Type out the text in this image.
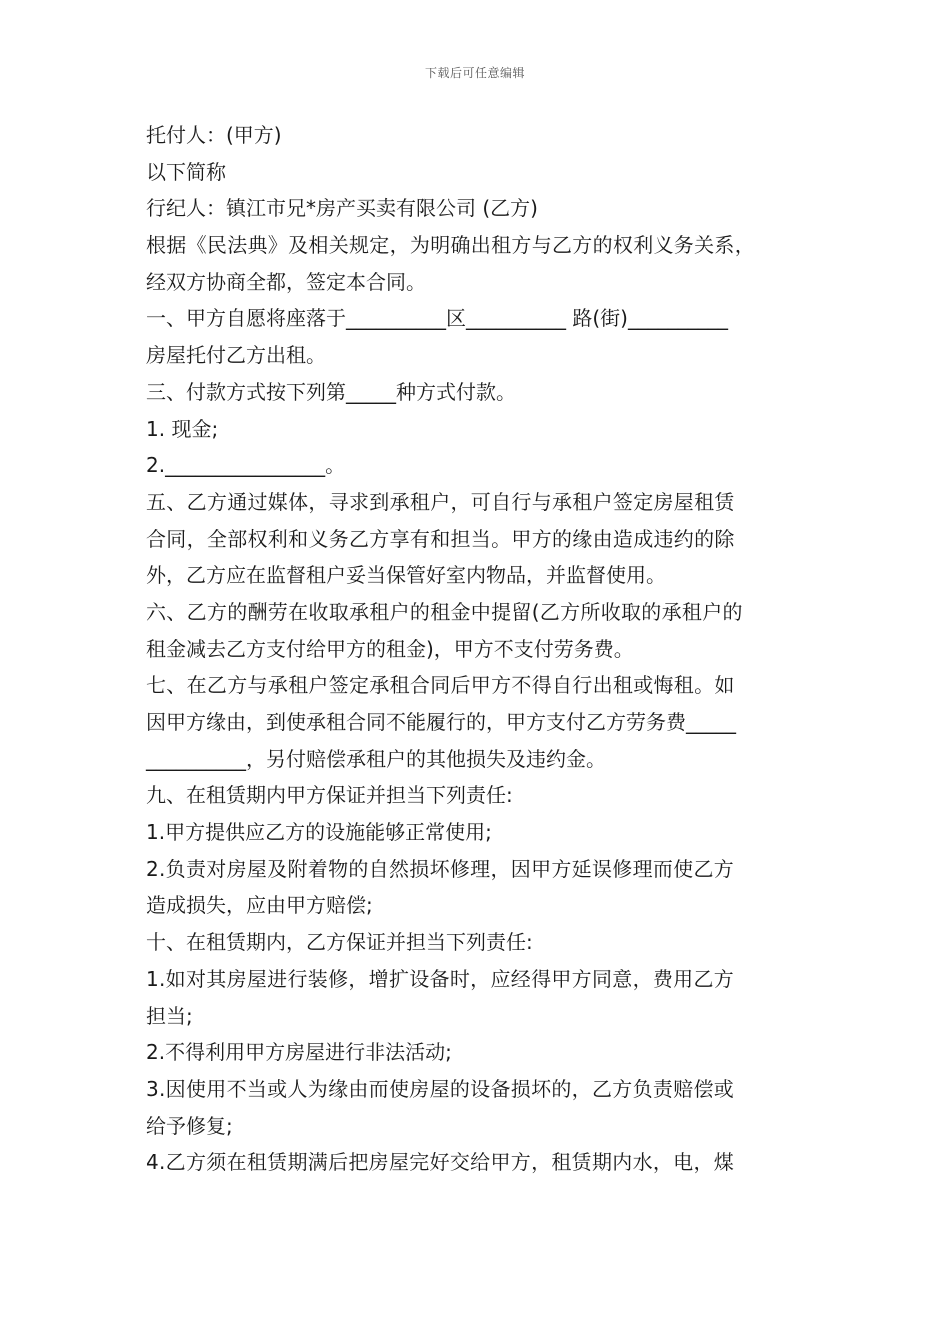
下载后可任意编辑
托付人：(甲方)
以下简称
行纪人：镇江市兄*房产买卖有限公司 (乙方)
根据《民法典》及相关规定，为明确出租方与乙方的权利义务关系，
经双方协商全都，签定本合同。
一、甲方自愿将座落于__________区__________ 路(街)__________
房屋托付乙方出租。
三、付款方式按下列第_____种方式付款。
1. 现金;
2.________________。
五、乙方通过媒体，寻求到承租户，可自行与承租户签定房屋租赁
合同，全部权利和义务乙方享有和担当。甲方的缘由造成违约的除
外，乙方应在监督租户妥当保管好室内物品，并监督使用。
六、乙方的酬劳在收取承租户的租金中提留(乙方所收取的承租户的
租金减去乙方支付给甲方的租金)，甲方不支付劳务费。
七、在乙方与承租户签定承租合同后甲方不得自行出租或悔租。如
因甲方缘由，到使承租合同不能履行的，甲方支付乙方劳务费_____
__________，另付赔偿承租户的其他损失及违约金。
九、在租赁期内甲方保证并担当下列责任:
1.甲方提供应乙方的设施能够正常使用;
2.负责对房屋及附着物的自然损坏修理，因甲方延误修理而使乙方
造成损失，应由甲方赔偿;
十、在租赁期内，乙方保证并担当下列责任:
1.如对其房屋进行装修，增扩设备时，应经得甲方同意，费用乙方
担当;
2.不得利用甲方房屋进行非法活动;
3.因使用不当或人为缘由而使房屋的设备损坏的，乙方负责赔偿或
给予修复;
4.乙方须在租赁期满后把房屋完好交给甲方，租赁期内水，电，煤
